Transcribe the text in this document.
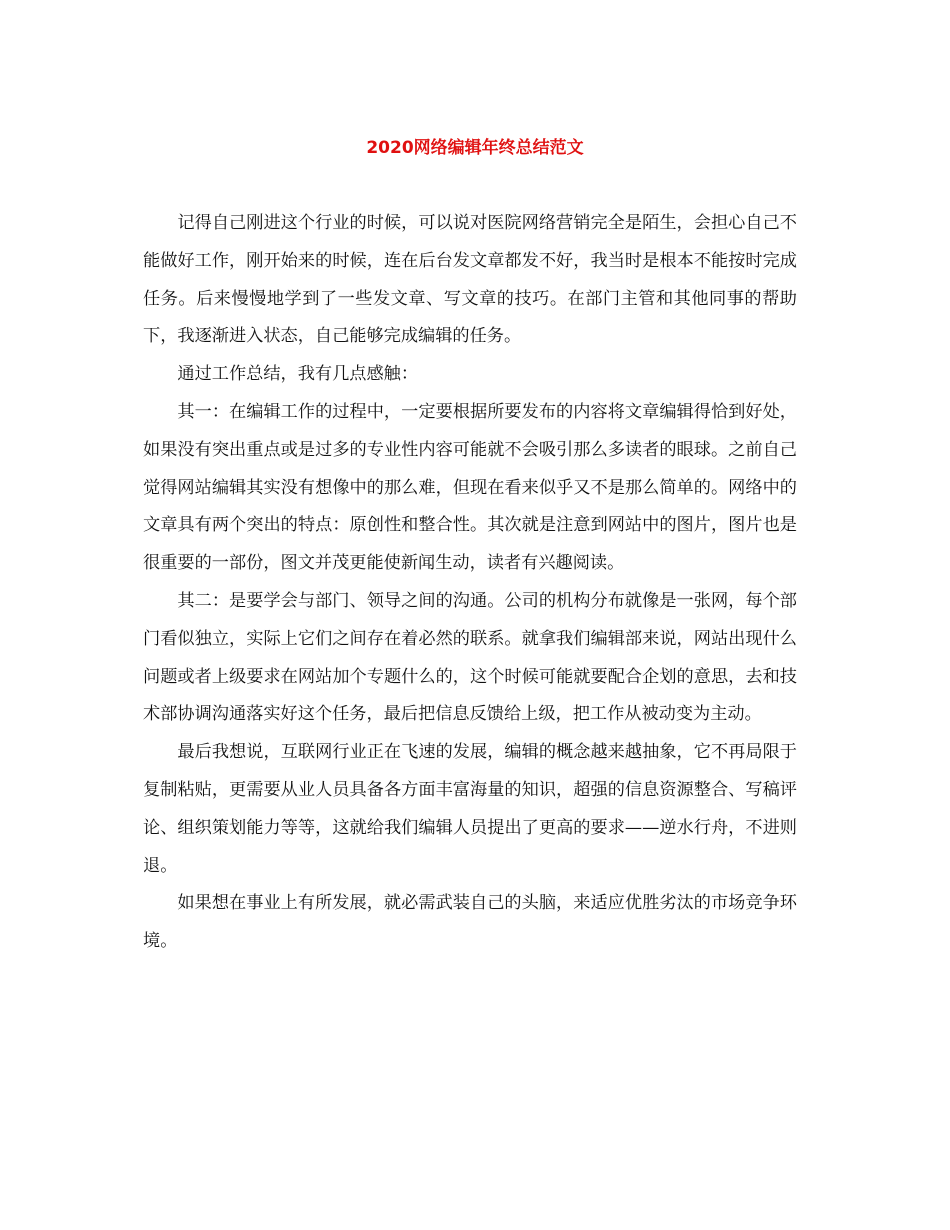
2020网络编辑年终总结范文

记得自己刚进这个行业的时候，可以说对医院网络营销完全是陌生，会担心自己不能做好工作，刚开始来的时候，连在后台发文章都发不好，我当时是根本不能按时完成任务。后来慢慢地学到了一些发文章、写文章的技巧。在部门主管和其他同事的帮助下，我逐渐进入状态，自己能够完成编辑的任务。

通过工作总结，我有几点感触：

其一：在编辑工作的过程中，一定要根据所要发布的内容将文章编辑得恰到好处，如果没有突出重点或是过多的专业性内容可能就不会吸引那么多读者的眼球。之前自己觉得网站编辑其实没有想像中的那么难，但现在看来似乎又不是那么简单的。网络中的文章具有两个突出的特点：原创性和整合性。其次就是注意到网站中的图片，图片也是很重要的一部份，图文并茂更能使新闻生动，读者有兴趣阅读。

其二：是要学会与部门、领导之间的沟通。公司的机构分布就像是一张网，每个部门看似独立，实际上它们之间存在着必然的联系。就拿我们编辑部来说，网站出现什么问题或者上级要求在网站加个专题什么的，这个时候可能就要配合企划的意思，去和技术部协调沟通落实好这个任务，最后把信息反馈给上级，把工作从被动变为主动。

最后我想说，互联网行业正在飞速的发展，编辑的概念越来越抽象，它不再局限于复制粘贴，更需要从业人员具备各方面丰富海量的知识，超强的信息资源整合、写稿评论、组织策划能力等等，这就给我们编辑人员提出了更高的要求——逆水行舟，不进则退。

如果想在事业上有所发展，就必需武装自己的头脑，来适应优胜劣汰的市场竞争环境。
